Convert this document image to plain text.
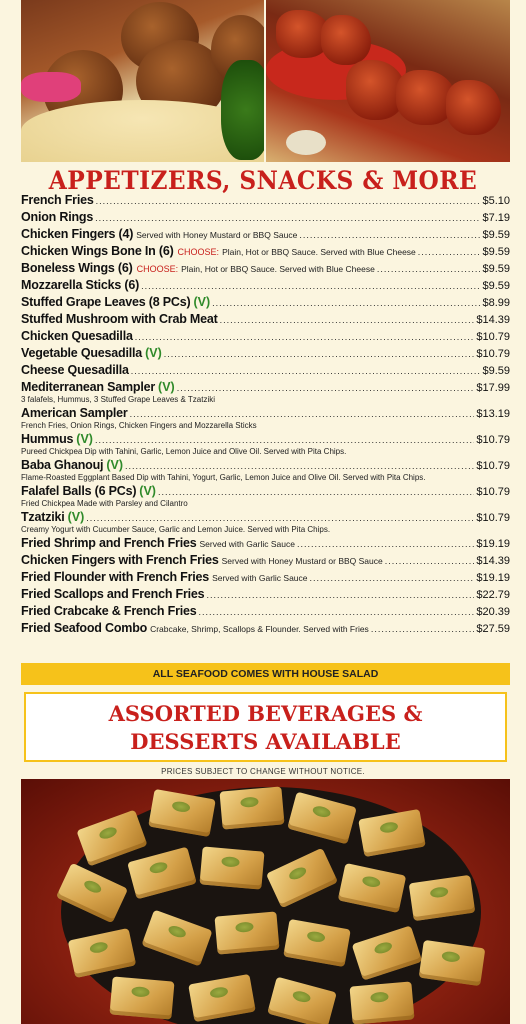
APPETIZERS, SNACKS & MORE
French Fries .....	$5.10
Onion Rings .....	$7.19
Chicken Fingers (4) Served with Honey Mustard or BBQ Sauce .....	$9.59
Chicken Wings Bone In (6) CHOOSE: Plain, Hot or BBQ Sauce. Served with Blue Cheese .....	$9.59
Boneless Wings (6) CHOOSE: Plain, Hot or BBQ Sauce. Served with Blue Cheese .....	$9.59
Mozzarella Sticks (6) .....	$9.59
Stuffed Grape Leaves (8 PCs) (V) .....	$8.99
Stuffed Mushroom with Crab Meat .....	$14.39
Chicken Quesadilla .....	$10.79
Vegetable Quesadilla (V) .....	$10.79
Cheese Quesadilla .....	$9.59
Mediterranean Sampler (V) .....	$17.99
3 falafels, Hummus, 3 Stuffed Grape Leaves & Tzatziki
American Sampler .....	$13.19
French Fries, Onion Rings, Chicken Fingers and Mozzarella Sticks
Hummus (V) .....	$10.79
Pureed Chickpea Dip with Tahini, Garlic, Lemon Juice and Olive Oil. Served with Pita Chips.
Baba Ghanouj (V) .....	$10.79
Flame-Roasted Eggplant Based Dip with Tahini, Yogurt, Garlic, Lemon Juice and Olive Oil. Served with Pita Chips.
Falafel Balls (6 PCs) (V) .....	$10.79
Fried Chickpea Made with Parsley and Cilantro
Tzatziki (V) .....	$10.79
Creamy Yogurt with Cucumber Sauce, Garlic and Lemon Juice. Served with Pita Chips.
Fried Shrimp and French Fries Served with Garlic Sauce .....	$19.19
Chicken Fingers with French Fries Served with Honey Mustard or BBQ Sauce .....	$14.39
Fried Flounder with French Fries Served with Garlic Sauce .....	$19.19
Fried Scallops and French Fries .....	$22.79
Fried Crabcake & French Fries .....	$20.39
Fried Seafood Combo Crabcake, Shrimp, Scallops & Flounder. Served with Fries .....	$27.59
ALL SEAFOOD COMES WITH HOUSE SALAD
ASSORTED BEVERAGES &
DESSERTS AVAILABLE
PRICES SUBJECT TO CHANGE WITHOUT NOTICE.
